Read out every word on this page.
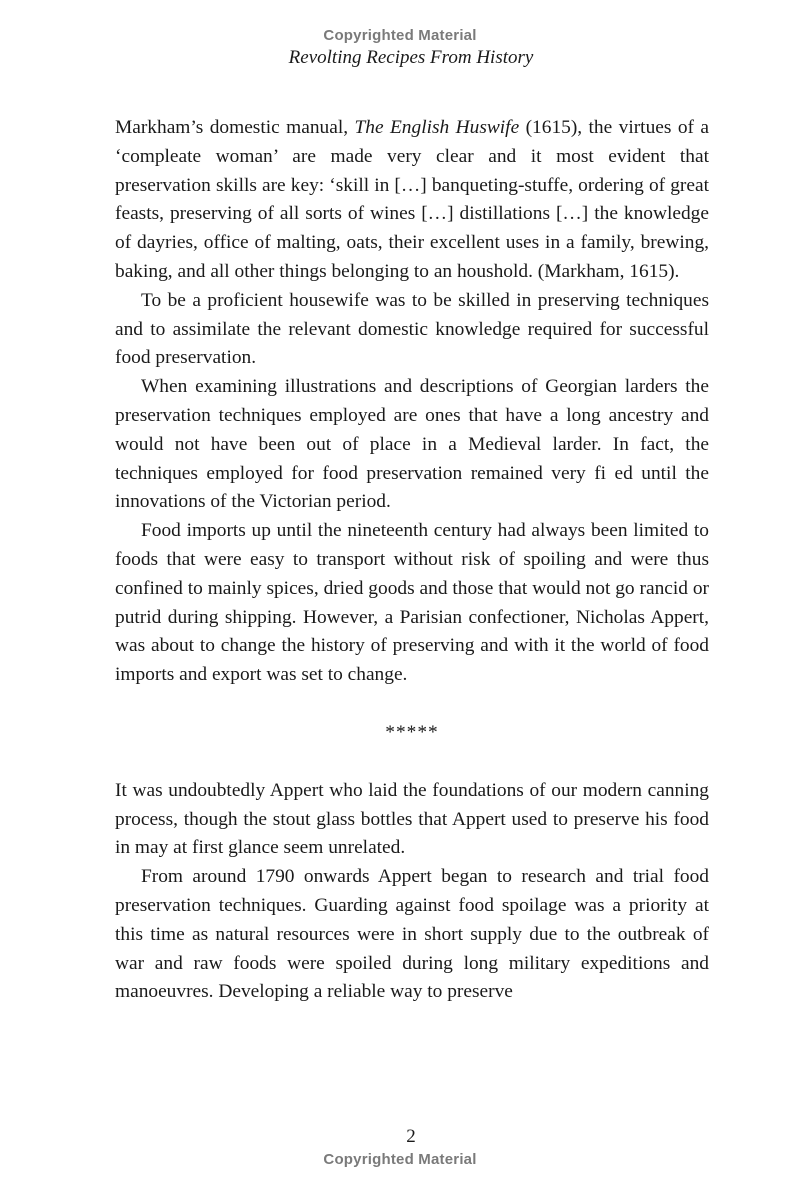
Copyrighted Material
Revolting Recipes From History

Markham’s domestic manual, The English Huswife (1615), the virtues of a ‘compleate woman’ are made very clear and it most evident that preservation skills are key: ‘skill in […] banqueting-stuffe, ordering of great feasts, preserving of all sorts of wines […] distillations […] the knowledge of dayries, office of malting, oats, their excellent uses in a family, brewing, baking, and all other things belonging to an houshold. (Markham, 1615).

To be a proficient housewife was to be skilled in preserving techniques and to assimilate the relevant domestic knowledge required for successful food preservation.

When examining illustrations and descriptions of Georgian larders the preservation techniques employed are ones that have a long ancestry and would not have been out of place in a Medieval larder. In fact, the techniques employed for food preservation remained very fi ed until the innovations of the Victorian period.

Food imports up until the nineteenth century had always been limited to foods that were easy to transport without risk of spoiling and were thus confined to mainly spices, dried goods and those that would not go rancid or putrid during shipping. However, a Parisian confectioner, Nicholas Appert, was about to change the history of preserving and with it the world of food imports and export was set to change.

*****

It was undoubtedly Appert who laid the foundations of our modern canning process, though the stout glass bottles that Appert used to preserve his food in may at first glance seem unrelated.

From around 1790 onwards Appert began to research and trial food preservation techniques. Guarding against food spoilage was a priority at this time as natural resources were in short supply due to the outbreak of war and raw foods were spoiled during long military expeditions and manoeuvres. Developing a reliable way to preserve

2
Copyrighted Material
